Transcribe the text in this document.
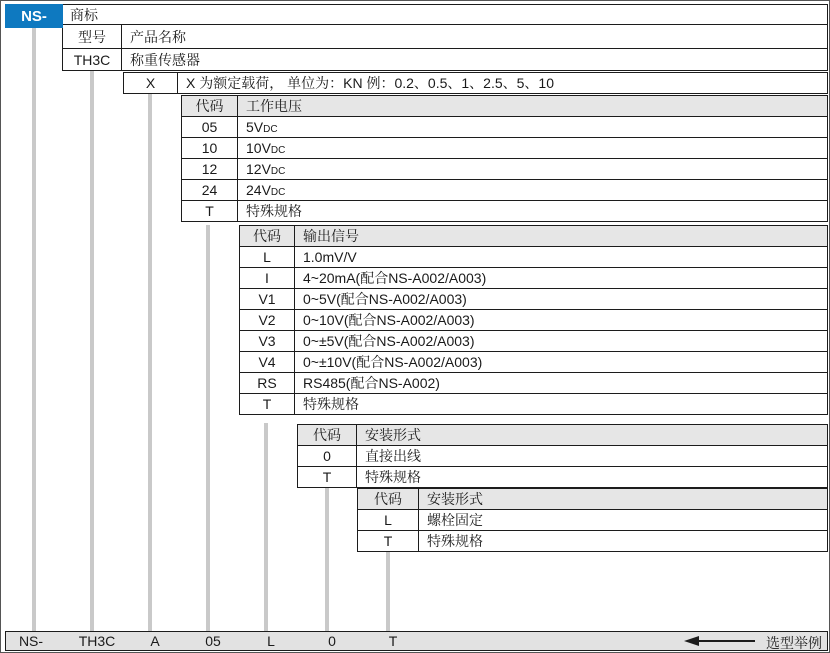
NS-	商标
型号	产品名称
TH3C	称重传感器
X	X 为额定载荷， 单位为：KN 例：0.2、0.5、1、2.5、5、10
代码	工作电压
05	5VDC
10	10VDC
12	12VDC
24	24VDC
T	特殊规格
代码	输出信号
L	1.0mV/V
I	4~20mA(配合NS-A002/A003)
V1	0~5V(配合NS-A002/A003)
V2	0~10V(配合NS-A002/A003)
V3	0~±5V(配合NS-A002/A003)
V4	0~±10V(配合NS-A002/A003)
RS	RS485(配合NS-A002)
T	特殊规格
代码	安装形式
0	直接出线
T	特殊规格
代码	安装形式
L	螺栓固定
T	特殊规格
NS-	TH3C	A	05	L	0	T	选型举例
